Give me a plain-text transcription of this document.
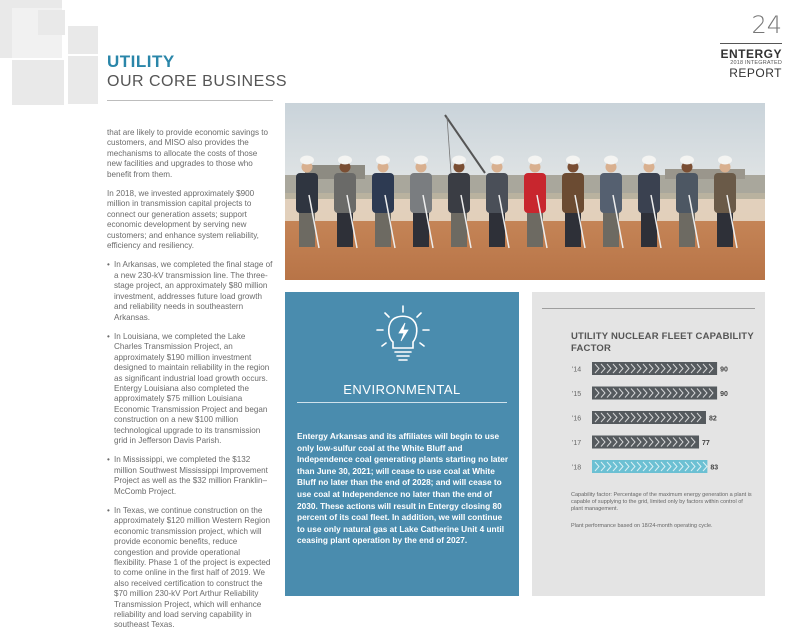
UTILITY
OUR CORE BUSINESS
24
ENTERGY
2018 INTEGRATED
REPORT

that are likely to provide economic savings to customers, and MISO also provides the mechanisms to allocate the costs of those new facilities and upgrades to those who benefit from them.

In 2018, we invested approximately $900 million in transmission capital projects to connect our generation assets; support economic development by serving new customers; and enhance system reliability, efficiency and resiliency.

• In Arkansas, we completed the final stage of a new 230-kV transmission line. The three-stage project, an approximately $80 million investment, addresses future load growth and reliability needs in southeastern Arkansas.
• In Louisiana, we completed the Lake Charles Transmission Project, an approximately $190 million investment designed to maintain reliability in the region as significant industrial load growth occurs. Entergy Louisiana also completed the approximately $75 million Louisiana Economic Transmission Project and began construction on a new $100 million technological upgrade to its transmission grid in Jefferson Davis Parish.
• In Mississippi, we completed the $132 million Southwest Mississippi Improvement Project as well as the $32 million Franklin–McComb Project.
• In Texas, we continue construction on the approximately $120 million Western Region economic transmission project, which will provide economic benefits, reduce congestion and provide operational flexibility. Phase 1 of the project is expected to come online in the first half of 2019. We also received certification to construct the $70 million 230-kV Port Arthur Reliability Transmission Project, which will enhance reliability and load serving capability in southeast Texas.
ENVIRONMENTAL
Entergy Arkansas and its affiliates will begin to use only low-sulfur coal at the White Bluff and Independence coal generating plants starting no later than June 30, 2021; will cease to use coal at White Bluff no later than the end of 2028; and will cease to use coal at Independence no later than the end of 2030. These actions will result in Entergy closing 80 percent of its coal fleet. In addition, we will continue to use only natural gas at Lake Catherine Unit 4 until ceasing plant operation by the end of 2027.
UTILITY NUCLEAR FLEET CAPABILITY FACTOR
'14	90
'15	90
'16	82
'17	77
'18	83
Capability factor: Percentage of the maximum energy generation a plant is capable of supplying to the grid, limited only by factors within control of plant management.
Plant performance based on 18/24-month operating cycle.
